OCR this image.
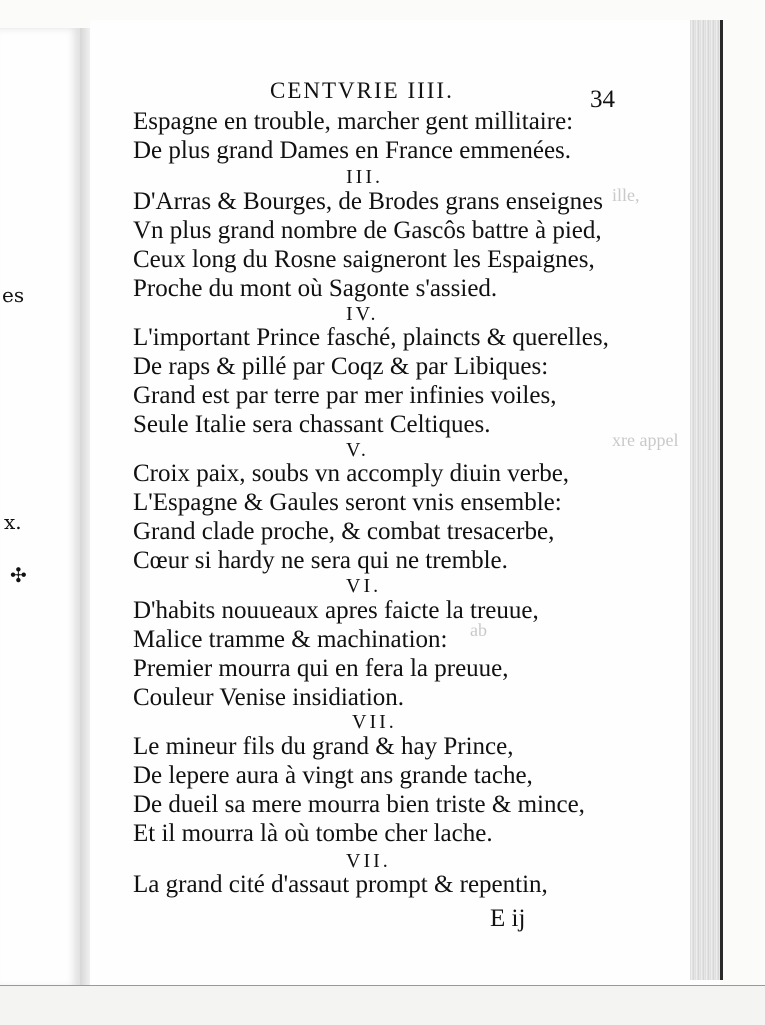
es
x.
✣
ille,
xre appel
ab
CENTVRIE IIII.	34
Espagne en trouble, marcher gent millitaire:
De plus grand Dames en France emmenées.
III.
D'Arras & Bourges, de Brodes grans enseignes
Vn plus grand nombre de Gascôs battre à pied,
Ceux long du Rosne saigneront les Espaignes,
Proche du mont où Sagonte s'assied.
IV.
L'important Prince fasché, plaincts & querelles,
De raps & pillé par Coqz & par Libiques:
Grand est par terre par mer infinies voiles,
Seule Italie sera chassant Celtiques.
V.
Croix paix, soubs vn accomply diuin verbe,
L'Espagne & Gaules seront vnis ensemble:
Grand clade proche, & combat tresacerbe,
Cœur si hardy ne sera qui ne tremble.
VI.
D'habits nouueaux apres faicte la treuue,
Malice tramme & machination:
Premier mourra qui en fera la preuue,
Couleur Venise insidiation.
VII.
Le mineur fils du grand & hay Prince,
De lepere aura à vingt ans grande tache,
De dueil sa mere mourra bien triste & mince,
Et il mourra là où tombe cher lache.
VII.
La grand cité d'assaut prompt & repentin,
E ij
